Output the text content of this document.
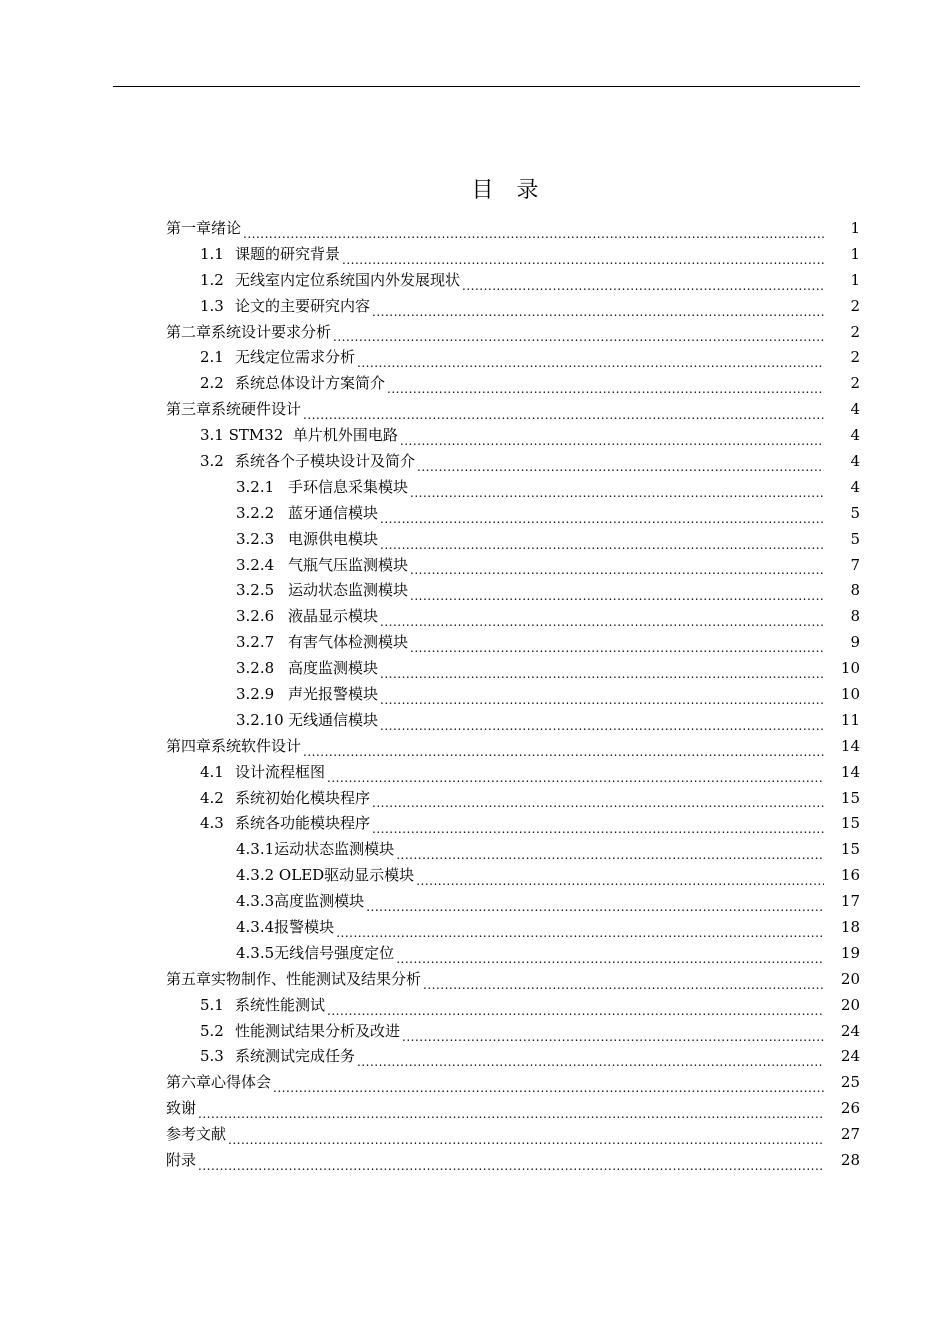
目 录
第一章绪论 .....	1
1.1 课题的研究背景 .....	1
1.2 无线室内定位系统国内外发展现状 .....	1
1.3 论文的主要研究内容 .....	2
第二章系统设计要求分析 .....	2
2.1 无线定位需求分析 .....	2
2.2 系统总体设计方案简介 .....	2
第三章系统硬件设计 .....	4
3.1 STM32 单片机外围电路 .....	4
3.2 系统各个子模块设计及简介 .....	4
3.2.1 手环信息采集模块 .....	4
3.2.2 蓝牙通信模块 .....	5
3.2.3 电源供电模块 .....	5
3.2.4 气瓶气压监测模块 .....	7
3.2.5 运动状态监测模块 .....	8
3.2.6 液晶显示模块 .....	8
3.2.7 有害气体检测模块 .....	9
3.2.8 高度监测模块 .....	10
3.2.9 声光报警模块 .....	10
3.2.10 无线通信模块 .....	11
第四章系统软件设计 .....	14
4.1 设计流程框图 .....	14
4.2 系统初始化模块程序 .....	15
4.3 系统各功能模块程序 .....	15
4.3.1 运动状态监测模块 .....	15
4.3.2 OLED 驱动显示模块 .....	16
4.3.3 高度监测模块 .....	17
4.3.4 报警模块 .....	18
4.3.5 无线信号强度定位 .....	19
第五章实物制作、性能测试及结果分析 .....	20
5.1 系统性能测试 .....	20
5.2 性能测试结果分析及改进 .....	24
5.3 系统测试完成任务 .....	24
第六章心得体会 .....	25
致谢 .....	26
参考文献 .....	27
附录 .....	28
